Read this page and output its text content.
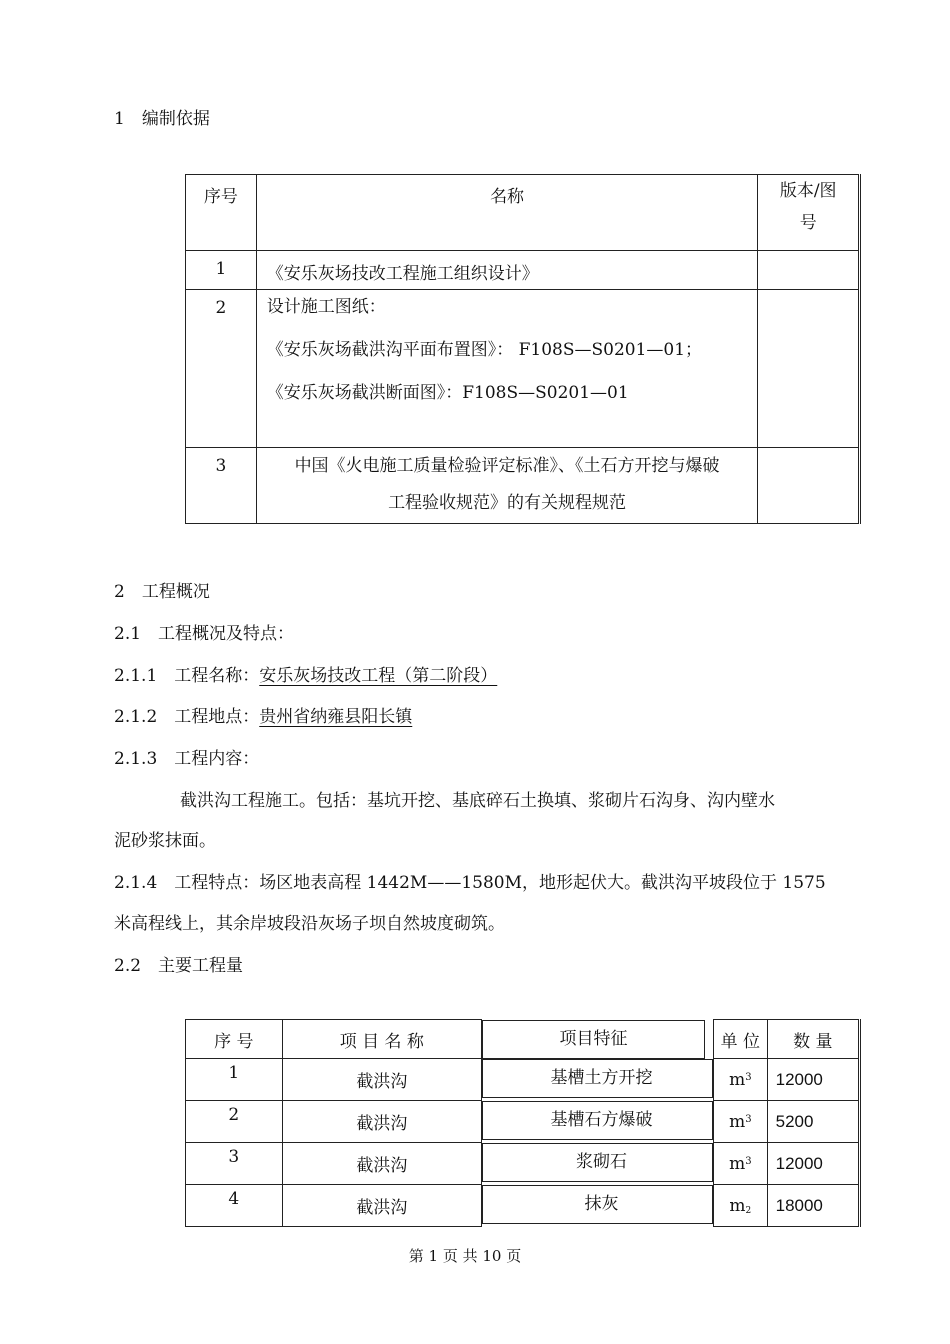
1　编制依据
序号	名称	版本/图
号

1	《安乐灰场技改工程施工组织设计》	

2	设计施工图纸：
《安乐灰场截洪沟平面布置图》： F108S—S0201—01；
《安乐灰场截洪断面图》：F108S—S0201—01	

3	中国《火电施工质量检验评定标准》、《土石方开挖与爆破
工程验收规范》的有关规程规范	

2　工程概况
2.1　工程概况及特点：
2.1.1　工程名称：安乐灰场技改工程（第二阶段）
2.1.2　工程地点：贵州省纳雍县阳长镇
2.1.3　工程内容：
截洪沟工程施工。包括：基坑开挖、基底碎石土换填、浆砌片石沟身、沟内壁水
泥砂浆抹面。
2.1.4　工程特点：场区地表高程 1442M——1580M，地形起伏大。截洪沟平坡段位于 1575
米高程线上，其余岸坡段沿灰场子坝自然坡度砌筑。
2.2　主要工程量
序 号	项 目 名 称		项目特征	单 位	数 量
1	截洪沟		基槽土方开挖	$m^3$	12000
2	截洪沟		基槽石方爆破	$m^3$	5200
3	截洪沟		浆砌石	$m^3$	12000
4	截洪沟		抹灰	$m_2$	18000
第 1 页 共 10 页
